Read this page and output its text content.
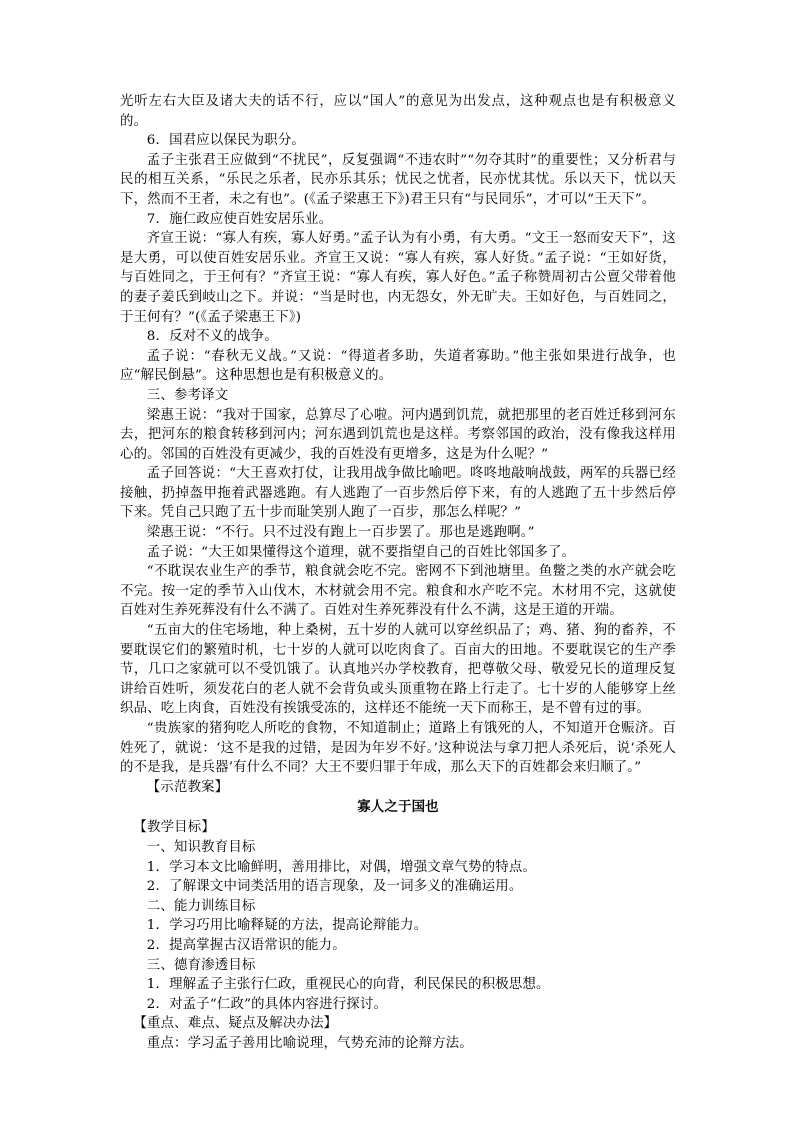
光听左右大臣及诸大夫的话不行，应以“国人”的意见为出发点，这种观点也是有积极意义的。

6．国君应以保民为职分。

孟子主张君王应做到“不扰民”，反复强调“不违农时”“勿夺其时”的重要性；又分析君与民的相互关系，“乐民之乐者，民亦乐其乐；忧民之忧者，民亦忧其忧。乐以天下，忧以天下，然而不王者，未之有也”。(《孟子梁惠王下》)君王只有“与民同乐”，才可以“王天下”。

7．施仁政应使百姓安居乐业。

齐宣王说：“寡人有疾，寡人好勇。”孟子认为有小勇，有大勇。“文王一怒而安天下”，这是大勇，可以使百姓安居乐业。齐宣王又说：“寡人有疾，寡人好货。”孟子说：“王如好货，与百姓同之，于王何有？”齐宣王说：“寡人有疾，寡人好色。”孟子称赞周初古公亶父带着他的妻子姜氏到岐山之下。并说：“当是时也，内无怨女，外无旷夫。王如好色，与百姓同之，于王何有？”(《孟子梁惠王下》)

8．反对不义的战争。

孟子说：“春秋无义战。”又说：“得道者多助，失道者寡助。”他主张如果进行战争，也应“解民倒悬”。这种思想也是有积极意义的。

三、参考译文

梁惠王说：“我对于国家，总算尽了心啦。河内遇到饥荒，就把那里的老百姓迁移到河东去，把河东的粮食转移到河内；河东遇到饥荒也是这样。考察邻国的政治，没有像我这样用心的。邻国的百姓没有更减少，我的百姓没有更增多，这是为什么呢？”

孟子回答说：“大王喜欢打仗，让我用战争做比喻吧。咚咚地敲响战鼓，两军的兵器已经接触，扔掉盔甲拖着武器逃跑。有人逃跑了一百步然后停下来，有的人逃跑了五十步然后停下来。凭自己只跑了五十步而耻笑别人跑了一百步，那怎么样呢？”

梁惠王说：“不行。只不过没有跑上一百步罢了。那也是逃跑啊。”

孟子说：“大王如果懂得这个道理，就不要指望自己的百姓比邻国多了。

“不耽误农业生产的季节，粮食就会吃不完。密网不下到池塘里。鱼鳖之类的水产就会吃不完。按一定的季节入山伐木，木材就会用不完。粮食和水产吃不完。木材用不完，这就使百姓对生养死葬没有什么不满了。百姓对生养死葬没有什么不满，这是王道的开端。

“五亩大的住宅场地，种上桑树，五十岁的人就可以穿丝织品了；鸡、猪、狗的畜养，不要耽误它们的繁殖时机，七十岁的人就可以吃肉食了。百亩大的田地。不要耽误它的生产季节，几口之家就可以不受饥饿了。认真地兴办学校教育，把尊敬父母、敬爱兄长的道理反复讲给百姓听，须发花白的老人就不会背负或头顶重物在路上行走了。七十岁的人能够穿上丝织品、吃上肉食，百姓没有挨饿受冻的，这样还不能统一天下而称王，是不曾有过的事。

“贵族家的猪狗吃人所吃的食物，不知道制止；道路上有饿死的人，不知道开仓赈济。百姓死了，就说：‘这不是我的过错，是因为年岁不好。’这种说法与拿刀把人杀死后，说‘杀死人的不是我，是兵器’有什么不同？大王不要归罪于年成，那么天下的百姓都会来归顺了。”

【示范教案】

寡人之于国也

【教学目标】

一、知识教育目标

1．学习本文比喻鲜明，善用排比，对偶，增强文章气势的特点。

2．了解课文中词类活用的语言现象，及一词多义的准确运用。

二、能力训练目标

1．学习巧用比喻释疑的方法，提高论辩能力。

2．提高掌握古汉语常识的能力。

三、德育渗透目标

1．理解孟子主张行仁政，重视民心的向背，利民保民的积极思想。

2．对孟子“仁政”的具体内容进行探讨。

【重点、难点、疑点及解决办法】

重点：学习孟子善用比喻说理，气势充沛的论辩方法。
